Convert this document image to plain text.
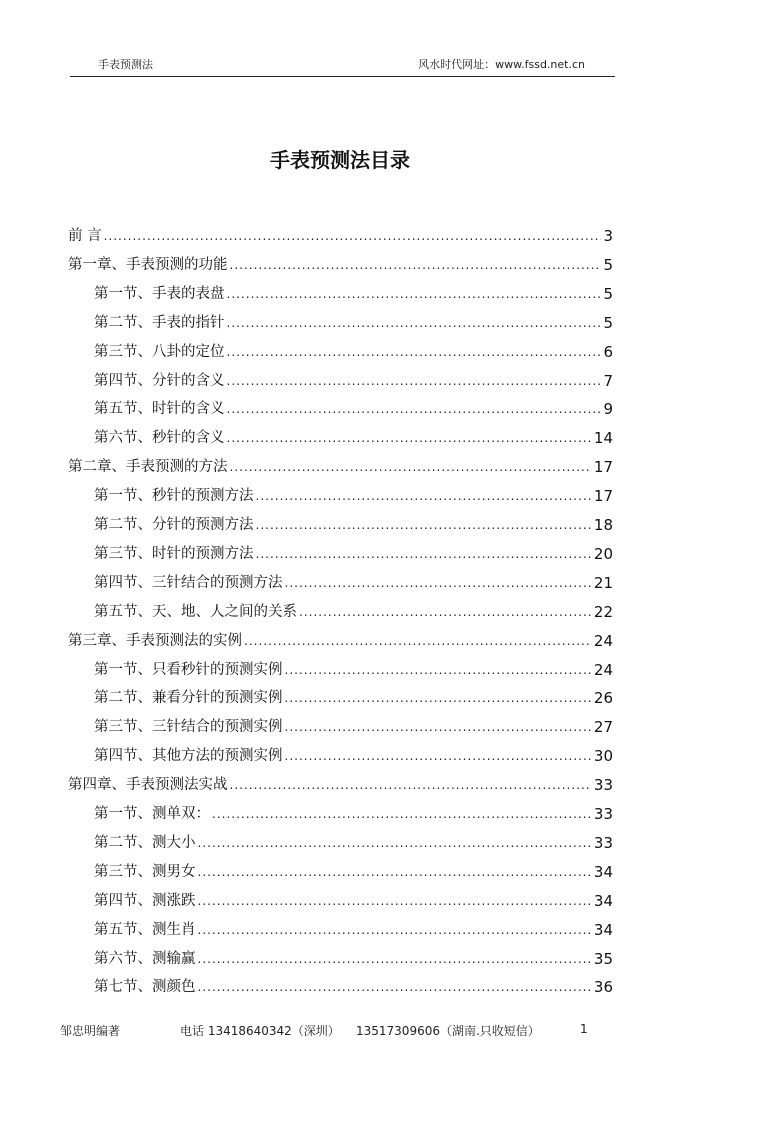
手表预测法	风水时代网址：www.fssd.net.cn
手表预测法目录
前 言 .....	3
第一章、手表预测的功能 .....	5
第一节、手表的表盘 .....	5
第二节、手表的指针 .....	5
第三节、八卦的定位 .....	6
第四节、分针的含义 .....	7
第五节、时针的含义 .....	9
第六节、秒针的含义 .....	14
第二章、手表预测的方法 .....	17
第一节、秒针的预测方法 .....	17
第二节、分针的预测方法 .....	18
第三节、时针的预测方法 .....	20
第四节、三针结合的预测方法 .....	21
第五节、天、地、人之间的关系 .....	22
第三章、手表预测法的实例 .....	24
第一节、只看秒针的预测实例 .....	24
第二节、兼看分针的预测实例 .....	26
第三节、三针结合的预测实例 .....	27
第四节、其他方法的预测实例 .....	30
第四章、手表预测法实战 .....	33
第一节、测单双： .....	33
第二节、测大小 .....	33
第三节、测男女 .....	34
第四节、测涨跌 .....	34
第五节、测生肖 .....	34
第六节、测输赢 .....	35
第七节、测颜色 .....	36
邹忠明编著	电话 13418640342（深圳） 13517309606（湖南.只收短信）	1
